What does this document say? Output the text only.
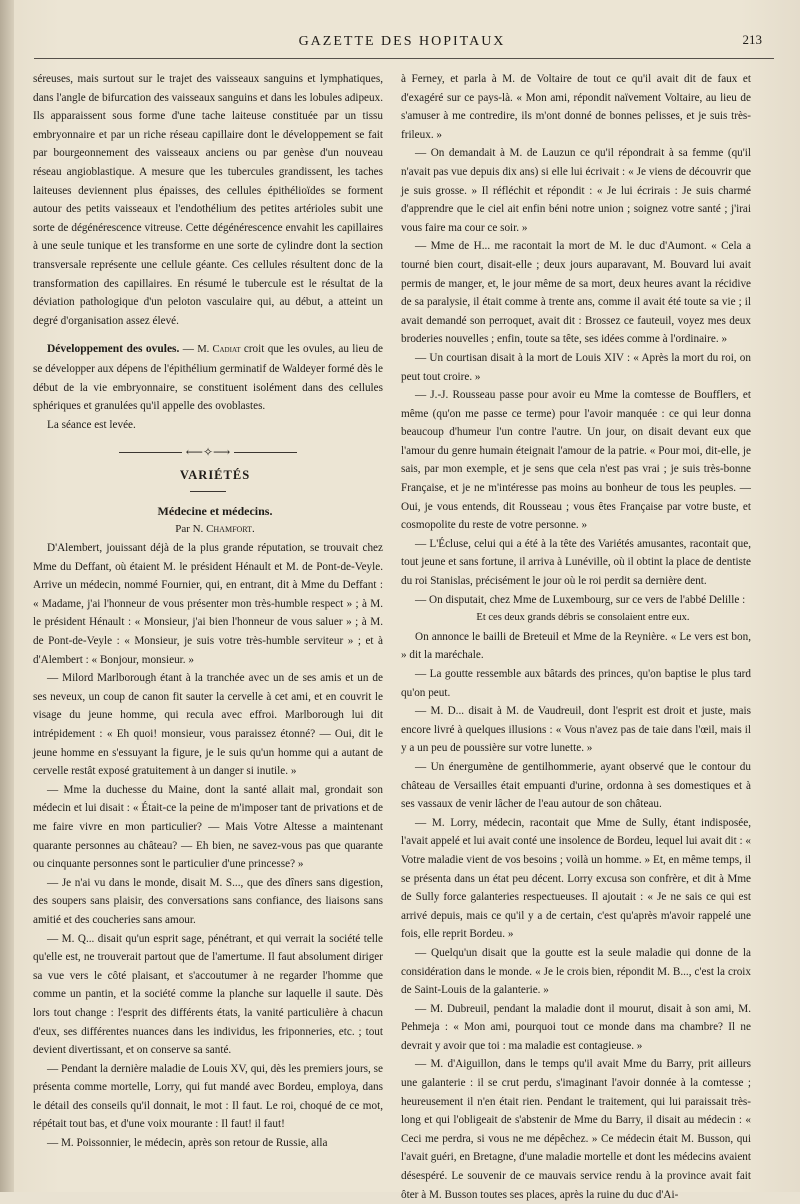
GAZETTE DES HOPITAUX	213

séreuses, mais surtout sur le trajet des vaisseaux sanguins et lymphatiques, dans l'angle de bifurcation des vaisseaux sanguins et dans les lobules adipeux. Ils apparaissent sous forme d'une tache laiteuse constituée par un tissu embryonnaire et par un riche réseau capillaire dont le développement se fait par bourgeonnement des vaisseaux anciens ou par genèse d'un nouveau réseau angioblastique. A mesure que les tubercules grandissent, les taches laiteuses deviennent plus épaisses, des cellules épithélioïdes se forment autour des petits vaisseaux et l'endothélium des petites artérioles subit une sorte de dégénérescence vitreuse. Cette dégénérescence envahit les capillaires à une seule tunique et les transforme en une sorte de cylindre dont la section transversale représente une cellule géante. Ces cellules résultent donc de la transformation des capillaires. En résumé le tubercule est le résultat de la déviation pathologique d'un peloton vasculaire qui, au début, a atteint un degré d'organisation assez élevé.

Développement des ovules. — M. Cadiat croit que les ovules, au lieu de se développer aux dépens de l'épithélium germinatif de Waldeyer formé dès le début de la vie embryonnaire, se constituent isolément dans des cellules sphériques et granulées qu'il appelle des ovoblastes.

La séance est levée.

⟵✧⟶

VARIÉTÉS

Médecine et médecins.

Par N. Chamfort.

D'Alembert, jouissant déjà de la plus grande réputation, se trouvait chez Mme du Deffant, où étaient M. le président Hénault et M. de Pont-de-Veyle. Arrive un médecin, nommé Fournier, qui, en entrant, dit à Mme du Deffant : « Madame, j'ai l'honneur de vous présenter mon très-humble respect » ; à M. le président Hénault : « Monsieur, j'ai bien l'honneur de vous saluer » ; à M. de Pont-de-Veyle : « Monsieur, je suis votre très-humble serviteur » ; et à d'Alembert : « Bonjour, monsieur. »

— Milord Marlborough étant à la tranchée avec un de ses amis et un de ses neveux, un coup de canon fit sauter la cervelle à cet ami, et en couvrit le visage du jeune homme, qui recula avec effroi. Marlborough lui dit intrépidement : « Eh quoi! monsieur, vous paraissez étonné? — Oui, dit le jeune homme en s'essuyant la figure, je le suis qu'un homme qui a autant de cervelle restât exposé gratuitement à un danger si inutile. »

— Mme la duchesse du Maine, dont la santé allait mal, grondait son médecin et lui disait : « Était-ce la peine de m'imposer tant de privations et de me faire vivre en mon particulier? — Mais Votre Altesse a maintenant quarante personnes au château? — Eh bien, ne savez-vous pas que quarante ou cinquante personnes sont le particulier d'une princesse? »

— Je n'ai vu dans le monde, disait M. S..., que des dîners sans digestion, des soupers sans plaisir, des conversations sans confiance, des liaisons sans amitié et des coucheries sans amour.

— M. Q... disait qu'un esprit sage, pénétrant, et qui verrait la société telle qu'elle est, ne trouverait partout que de l'amertume. Il faut absolument diriger sa vue vers le côté plaisant, et s'accoutumer à ne regarder l'homme que comme un pantin, et la société comme la planche sur laquelle il saute. Dès lors tout change : l'esprit des différents états, la vanité particulière à chacun d'eux, ses différentes nuances dans les individus, les friponneries, etc. ; tout devient divertissant, et on conserve sa santé.

— Pendant la dernière maladie de Louis XV, qui, dès les premiers jours, se présenta comme mortelle, Lorry, qui fut mandé avec Bordeu, employa, dans le détail des conseils qu'il donnait, le mot : Il faut. Le roi, choqué de ce mot, répétait tout bas, et d'une voix mourante : Il faut! il faut!

— M. Poissonnier, le médecin, après son retour de Russie, alla

à Ferney, et parla à M. de Voltaire de tout ce qu'il avait dit de faux et d'exagéré sur ce pays-là. « Mon ami, répondit naïvement Voltaire, au lieu de s'amuser à me contredire, ils m'ont donné de bonnes pelisses, et je suis très-frileux. »

— On demandait à M. de Lauzun ce qu'il répondrait à sa femme (qu'il n'avait pas vue depuis dix ans) si elle lui écrivait : « Je viens de découvrir que je suis grosse. » Il réfléchit et répondit : « Je lui écrirais : Je suis charmé d'apprendre que le ciel ait enfin béni notre union ; soignez votre santé ; j'irai vous faire ma cour ce soir. »

— Mme de H... me racontait la mort de M. le duc d'Aumont. « Cela a tourné bien court, disait-elle ; deux jours auparavant, M. Bouvard lui avait permis de manger, et, le jour même de sa mort, deux heures avant la récidive de sa paralysie, il était comme à trente ans, comme il avait été toute sa vie ; il avait demandé son perroquet, avait dit : Brossez ce fauteuil, voyez mes deux broderies nouvelles ; enfin, toute sa tête, ses idées comme à l'ordinaire. »

— Un courtisan disait à la mort de Louis XIV : « Après la mort du roi, on peut tout croire. »

— J.-J. Rousseau passe pour avoir eu Mme la comtesse de Boufflers, et même (qu'on me passe ce terme) pour l'avoir manquée : ce qui leur donna beaucoup d'humeur l'un contre l'autre. Un jour, on disait devant eux que l'amour du genre humain éteignait l'amour de la patrie. « Pour moi, dit-elle, je sais, par mon exemple, et je sens que cela n'est pas vrai ; je suis très-bonne Française, et je ne m'intéresse pas moins au bonheur de tous les peuples. — Oui, je vous entends, dit Rousseau ; vous êtes Française par votre buste, et cosmopolite du reste de votre personne. »

— L'Écluse, celui qui a été à la tête des Variétés amusantes, racontait que, tout jeune et sans fortune, il arriva à Lunéville, où il obtint la place de dentiste du roi Stanislas, précisément le jour où le roi perdit sa dernière dent.

— On disputait, chez Mme de Luxembourg, sur ce vers de l'abbé Delille :

Et ces deux grands débris se consolaient entre eux.

On annonce le bailli de Breteuil et Mme de la Reynière. « Le vers est bon, » dit la maréchale.

— La goutte ressemble aux bâtards des princes, qu'on baptise le plus tard qu'on peut.

— M. D... disait à M. de Vaudreuil, dont l'esprit est droit et juste, mais encore livré à quelques illusions : « Vous n'avez pas de taie dans l'œil, mais il y a un peu de poussière sur votre lunette. »

— Un énergumène de gentilhommerie, ayant observé que le contour du château de Versailles était empuanti d'urine, ordonna à ses domestiques et à ses vassaux de venir lâcher de l'eau autour de son château.

— M. Lorry, médecin, racontait que Mme de Sully, étant indisposée, l'avait appelé et lui avait conté une insolence de Bordeu, lequel lui avait dit : « Votre maladie vient de vos besoins ; voilà un homme. » Et, en même temps, il se présenta dans un état peu décent. Lorry excusa son confrère, et dit à Mme de Sully force galanteries respectueuses. Il ajoutait : « Je ne sais ce qui est arrivé depuis, mais ce qu'il y a de certain, c'est qu'après m'avoir rappelé une fois, elle reprit Bordeu. »

— Quelqu'un disait que la goutte est la seule maladie qui donne de la considération dans le monde. « Je le crois bien, répondit M. B..., c'est la croix de Saint-Louis de la galanterie. »

— M. Dubreuil, pendant la maladie dont il mourut, disait à son ami, M. Pehmeja : « Mon ami, pourquoi tout ce monde dans ma chambre? Il ne devrait y avoir que toi : ma maladie est contagieuse. »

— M. d'Aiguillon, dans le temps qu'il avait Mme du Barry, prit ailleurs une galanterie : il se crut perdu, s'imaginant l'avoir donnée à la comtesse ; heureusement il n'en était rien. Pendant le traitement, qui lui paraissait très-long et qui l'obligeait de s'abstenir de Mme du Barry, il disait au médecin : « Ceci me perdra, si vous ne me dépêchez. » Ce médecin était M. Busson, qui l'avait guéri, en Bretagne, d'une maladie mortelle et dont les médecins avaient désespéré. Le souvenir de ce mauvais service rendu à la province avait fait ôter à M. Busson toutes ses places, après la ruine du duc d'Ai-
